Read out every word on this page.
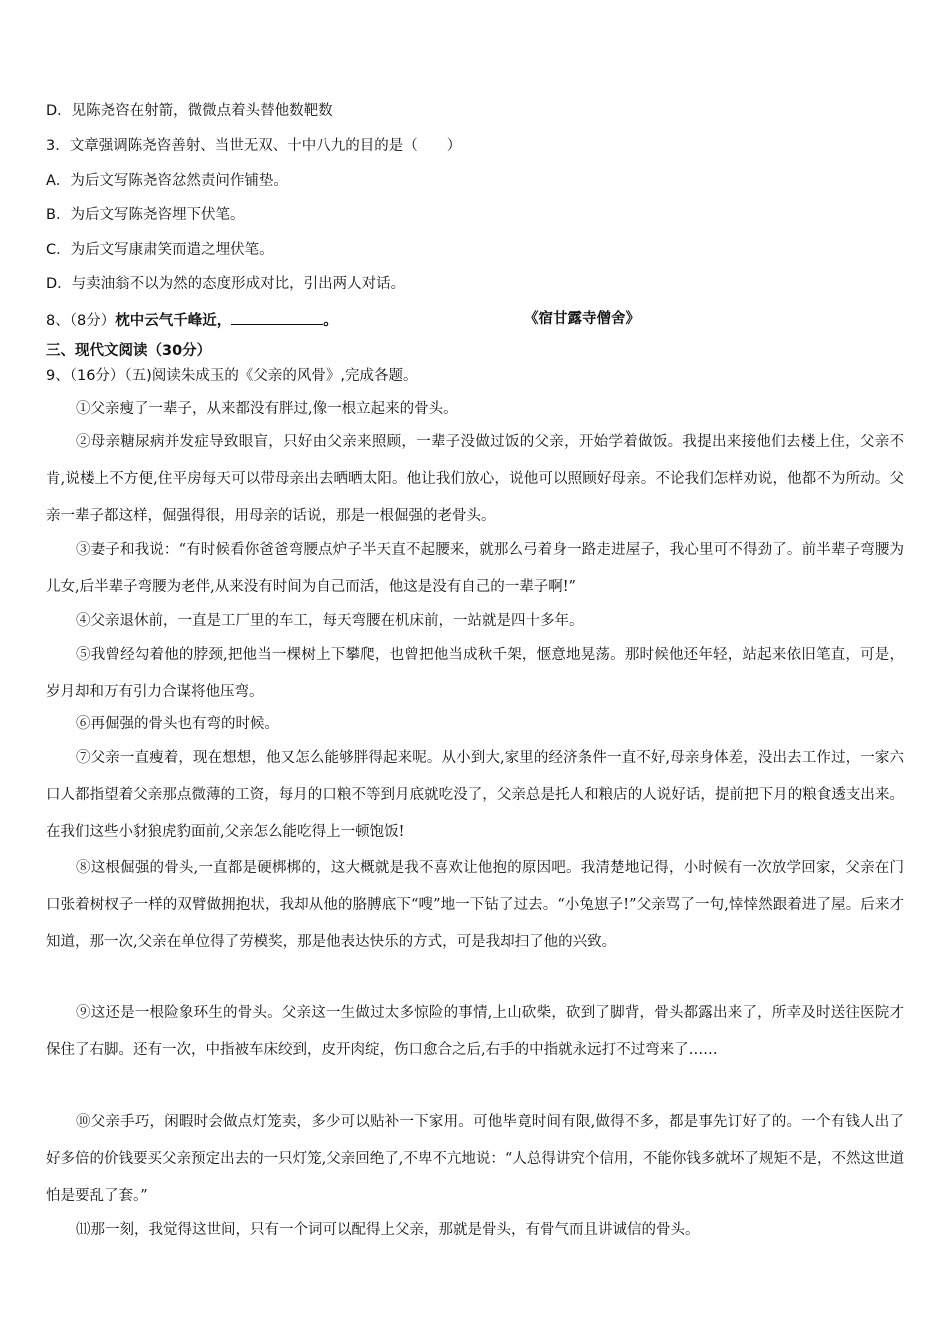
D．见陈尧咨在射箭，微微点着头替他数靶数
3．文章强调陈尧咨善射、当世无双、十中八九的目的是（　　）
A．为后文写陈尧咨忿然责问作铺垫。
B．为后文写陈尧咨埋下伏笔。
C．为后文写康肃笑而遣之埋伏笔。
D．与卖油翁不以为然的态度形成对比，引出两人对话。
8、（8分）枕中云气千峰近，	。	《宿甘露寺僧舍》
三、现代文阅读（30分）
9、（16分）（五)阅读朱成玉的《父亲的风骨》,完成各题。
①父亲瘦了一辈子，从来都没有胖过,像一根立起来的骨头。
②母亲糖尿病并发症导致眼盲，只好由父亲来照顾，一辈子没做过饭的父亲，开始学着做饭。我提出来接他们去楼上住，父亲不肯,说楼上不方便,住平房每天可以带母亲出去晒晒太阳。他让我们放心，说他可以照顾好母亲。不论我们怎样劝说，他都不为所动。父亲一辈子都这样，倔强得很，用母亲的话说，那是一根倔强的老骨头。
③妻子和我说：“有时候看你爸爸弯腰点炉子半天直不起腰来，就那么弓着身一路走进屋子，我心里可不得劲了。前半辈子弯腰为儿女,后半辈子弯腰为老伴,从来没有时间为自己而活，他这是没有自己的一辈子啊!”
④父亲退休前，一直是工厂里的车工，每天弯腰在机床前，一站就是四十多年。
⑤我曾经勾着他的脖颈,把他当一棵树上下攀爬，也曾把他当成秋千架，惬意地晃荡。那时候他还年轻，站起来依旧笔直，可是，岁月却和万有引力合谋将他压弯。
⑥再倔强的骨头也有弯的时候。
⑦父亲一直瘦着，现在想想，他又怎么能够胖得起来呢。从小到大,家里的经济条件一直不好,母亲身体差，没出去工作过，一家六口人都指望着父亲那点微薄的工资，每月的口粮不等到月底就吃没了，父亲总是托人和粮店的人说好话，提前把下月的粮食透支出来。在我们这些小豺狼虎豹面前,父亲怎么能吃得上一顿饱饭!
⑧这根倔强的骨头,一直都是硬梆梆的，这大概就是我不喜欢让他抱的原因吧。我清楚地记得，小时候有一次放学回家，父亲在门口张着树杈子一样的双臂做拥抱状，我却从他的胳膊底下“嗖”地一下钻了过去。“小兔崽子!”父亲骂了一句,悻悻然跟着进了屋。后来才知道，那一次,父亲在单位得了劳模奖，那是他表达快乐的方式，可是我却扫了他的兴致。
⑨这还是一根险象环生的骨头。父亲这一生做过太多惊险的事情,上山砍柴，砍到了脚背，骨头都露出来了，所幸及时送往医院才保住了右脚。还有一次，中指被车床绞到，皮开肉绽，伤口愈合之后,右手的中指就永远打不过弯来了……
⑩父亲手巧，闲暇时会做点灯笼卖，多少可以贴补一下家用。可他毕竟时间有限,做得不多，都是事先订好了的。一个有钱人出了好多倍的价钱要买父亲预定出去的一只灯笼,父亲回绝了,不卑不亢地说：“人总得讲究个信用，不能你钱多就坏了规矩不是，不然这世道怕是要乱了套。”
⑾那一刻，我觉得这世间，只有一个词可以配得上父亲，那就是骨头，有骨气而且讲诚信的骨头。
